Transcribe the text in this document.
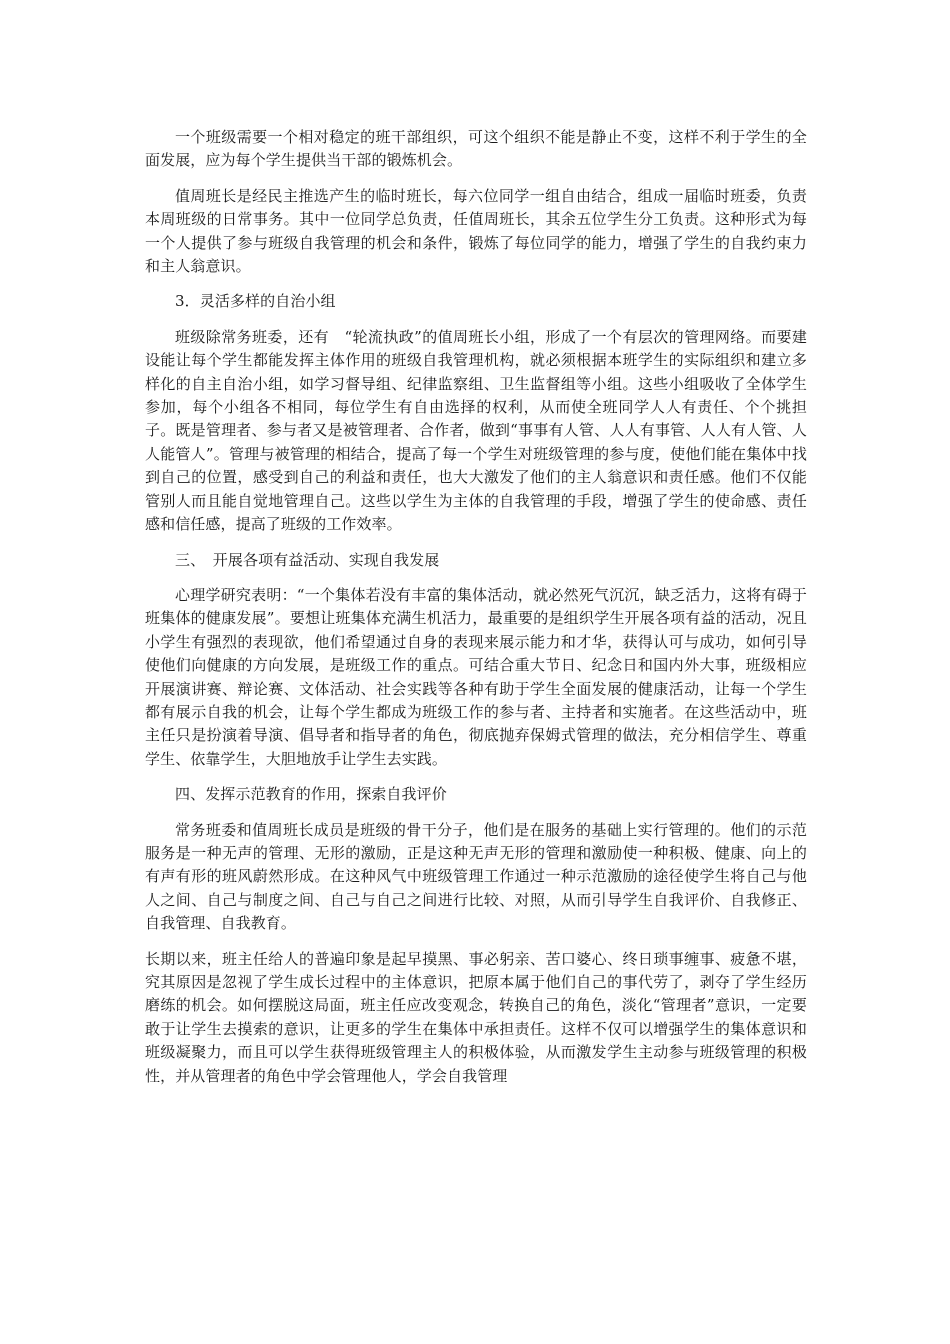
一个班级需要一个相对稳定的班干部组织，可这个组织不能是静止不变，这样不利于学生的全面发展，应为每个学生提供当干部的锻炼机会。

值周班长是经民主推选产生的临时班长，每六位同学一组自由结合，组成一届临时班委，负责本周班级的日常事务。其中一位同学总负责，任值周班长，其余五位学生分工负责。这种形式为每一个人提供了参与班级自我管理的机会和条件，锻炼了每位同学的能力，增强了学生的自我约束力和主人翁意识。

3．灵活多样的自治小组

班级除常务班委，还有　“轮流执政”的值周班长小组，形成了一个有层次的管理网络。而要建设能让每个学生都能发挥主体作用的班级自我管理机构，就必须根据本班学生的实际组织和建立多样化的自主自治小组，如学习督导组、纪律监察组、卫生监督组等小组。这些小组吸收了全体学生参加，每个小组各不相同，每位学生有自由选择的权利，从而使全班同学人人有责任、个个挑担子。既是管理者、参与者又是被管理者、合作者，做到“事事有人管、人人有事管、人人有人管、人人能管人”。管理与被管理的相结合，提高了每一个学生对班级管理的参与度，使他们能在集体中找到自己的位置，感受到自己的利益和责任，也大大激发了他们的主人翁意识和责任感。他们不仅能管别人而且能自觉地管理自己。这些以学生为主体的自我管理的手段，增强了学生的使命感、责任感和信任感，提高了班级的工作效率。

三、　开展各项有益活动、实现自我发展

心理学研究表明：“一个集体若没有丰富的集体活动，就必然死气沉沉，缺乏活力，这将有碍于班集体的健康发展”。要想让班集体充满生机活力，最重要的是组织学生开展各项有益的活动，况且小学生有强烈的表现欲，他们希望通过自身的表现来展示能力和才华，获得认可与成功，如何引导使他们向健康的方向发展，是班级工作的重点。可结合重大节日、纪念日和国内外大事，班级相应开展演讲赛、辩论赛、文体活动、社会实践等各种有助于学生全面发展的健康活动，让每一个学生都有展示自我的机会，让每个学生都成为班级工作的参与者、主持者和实施者。在这些活动中，班主任只是扮演着导演、倡导者和指导者的角色，彻底抛弃保姆式管理的做法，充分相信学生、尊重学生、依靠学生，大胆地放手让学生去实践。

四、发挥示范教育的作用，探索自我评价

常务班委和值周班长成员是班级的骨干分子，他们是在服务的基础上实行管理的。他们的示范服务是一种无声的管理、无形的激励，正是这种无声无形的管理和激励使一种积极、健康、向上的有声有形的班风蔚然形成。在这种风气中班级管理工作通过一种示范激励的途径使学生将自己与他人之间、自己与制度之间、自己与自己之间进行比较、对照，从而引导学生自我评价、自我修正、自我管理、自我教育。

长期以来，班主任给人的普遍印象是起早摸黑、事必躬亲、苦口婆心、终日琐事缠事、疲惫不堪，究其原因是忽视了学生成长过程中的主体意识，把原本属于他们自己的事代劳了，剥夺了学生经历磨练的机会。如何摆脱这局面，班主任应改变观念，转换自己的角色，淡化“管理者”意识，一定要敢于让学生去摸索的意识，让更多的学生在集体中承担责任。这样不仅可以增强学生的集体意识和班级凝聚力，而且可以学生获得班级管理主人的积极体验，从而激发学生主动参与班级管理的积极性，并从管理者的角色中学会管理他人，学会自我管理
